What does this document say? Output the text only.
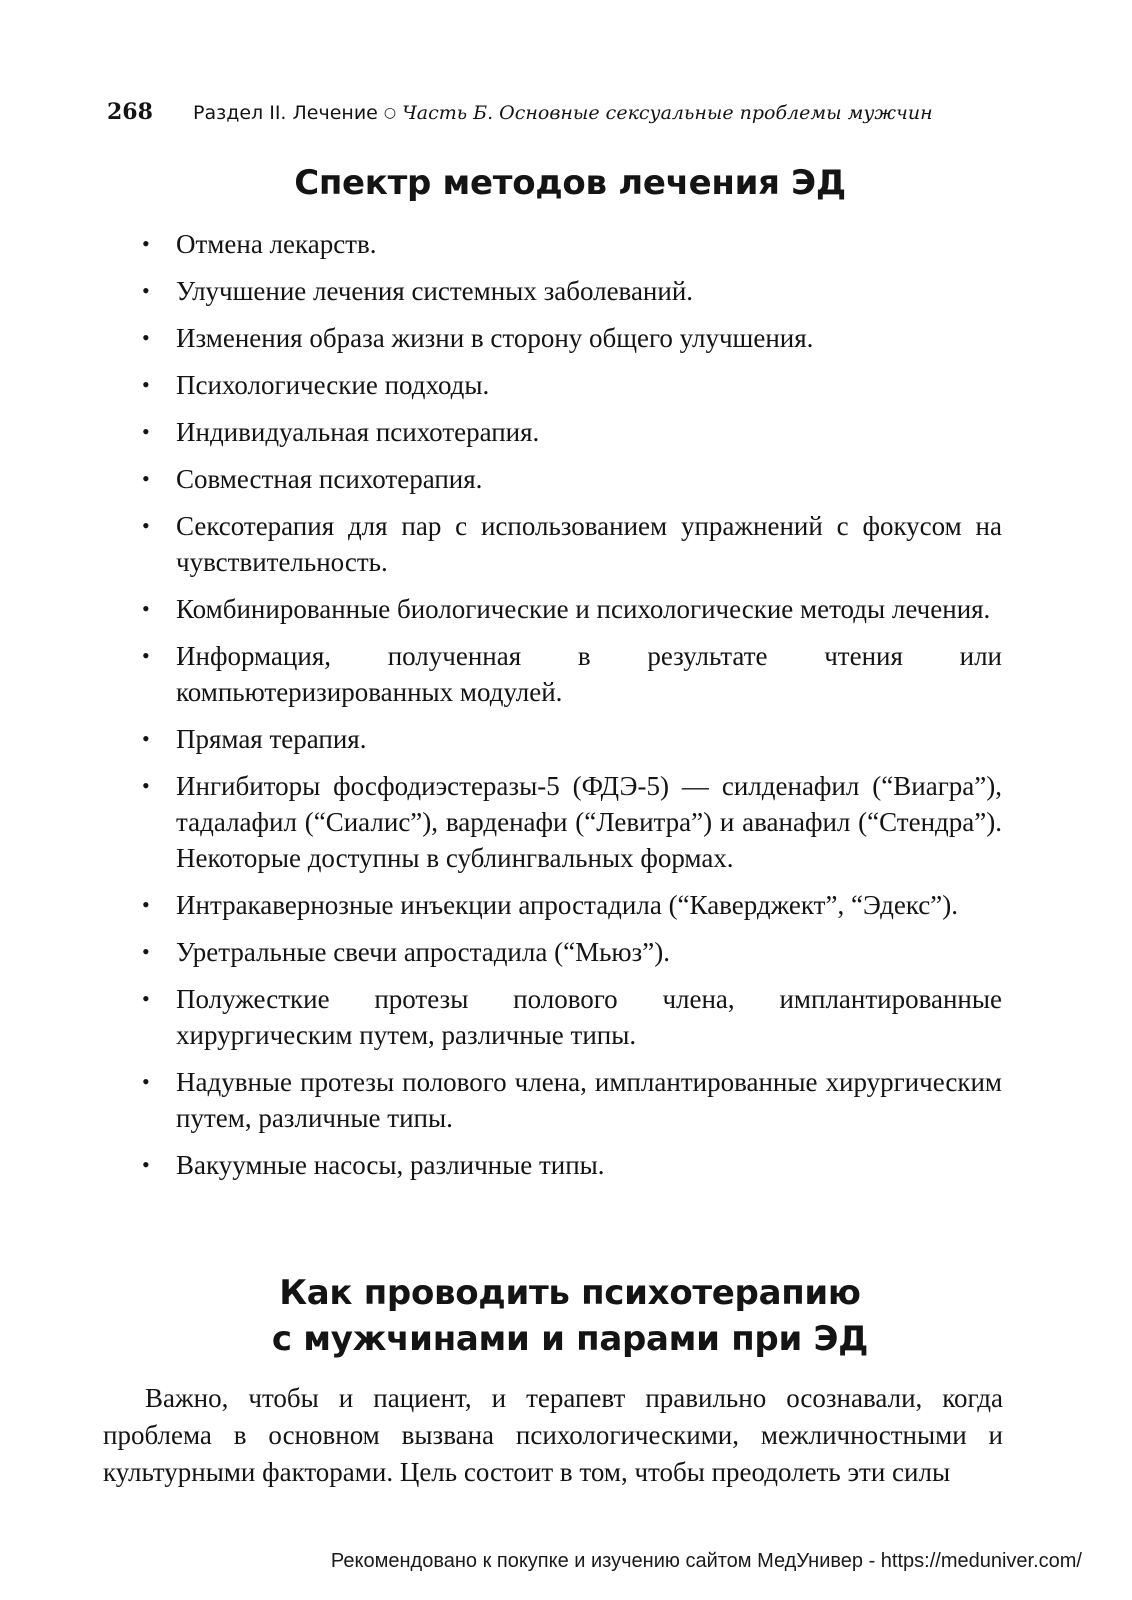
268	Раздел II. Лечение ○ Часть Б. Основные сексуальные проблемы мужчин
Спектр методов лечения ЭД
• Отмена лекарств.
• Улучшение лечения системных заболеваний.
• Изменения образа жизни в сторону общего улучшения.
• Психологические подходы.
• Индивидуальная психотерапия.
• Совместная психотерапия.
• Сексотерапия для пар с использованием упражнений с фокусом на чувствительность.
• Комбинированные биологические и психологические методы лечения.
• Информация, полученная в результате чтения или компьютеризированных модулей.
• Прямая терапия.
• Ингибиторы фосфодиэстеразы-5 (ФДЭ-5) — силденафил (“Виагра”), тадалафил (“Сиалис”), варденафи (“Левитра”) и аванафил (“Стендра”). Некоторые доступны в сублингвальных формах.
• Интракавернозные инъекции апростадила (“Каверджект”, “Эдекс”).
• Уретральные свечи апростадила (“Мьюз”).
• Полужесткие протезы полового члена, имплантированные хирургическим путем, различные типы.
• Надувные протезы полового члена, имплантированные хирургическим путем, различные типы.
• Вакуумные насосы, различные типы.
Как проводить психотерапию
с мужчинами и парами при ЭД

Важно, чтобы и пациент, и терапевт правильно осознавали, когда проблема в основном вызвана психологическими, межличностными и культурными факторами. Цель состоит в том, чтобы преодолеть эти силы

Рекомендовано к покупке и изучению сайтом МедУнивер - https://meduniver.com/
